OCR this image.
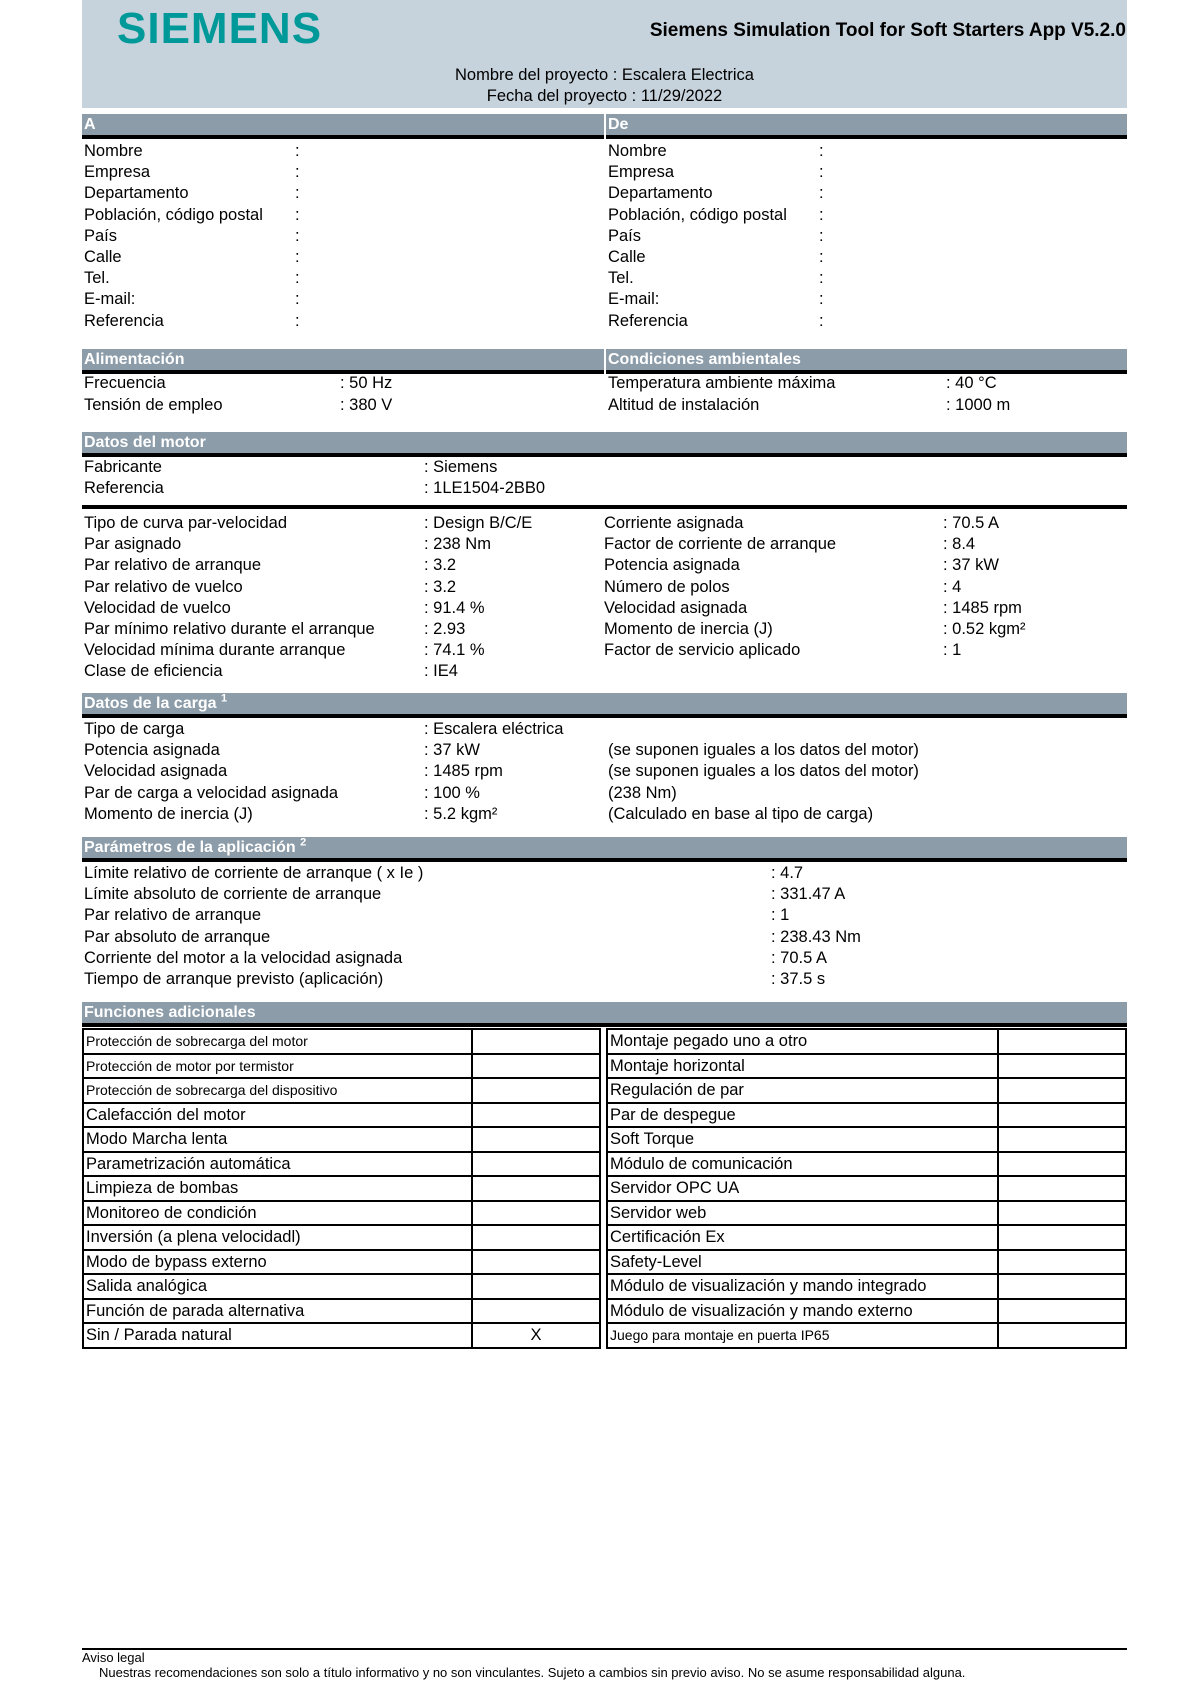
SIEMENS	Siemens Simulation Tool for Soft Starters App V5.2.0
Nombre del proyecto : Escalera Electrica
Fecha del proyecto : 11/29/2022
A	De
Nombre	:
Empresa	:
Departamento	:
Población, código postal :
País	:
Calle	:
Tel.	:
E-mail:	:
Referencia	:
Nombre	:
Empresa	:
Departamento	:
Población, código postal :
País	:
Calle	:
Tel.	:
E-mail:	:
Referencia	:
Alimentación	Condiciones ambientales
Frecuencia	: 50 Hz
Tensión de empleo	: 380 V
Temperatura ambiente máxima	: 40 °C
Altitud de instalación	: 1000 m
Datos del motor
Fabricante	: Siemens
Referencia	: 1LE1504-2BB0
Tipo de curva par-velocidad	: Design B/C/E
Par asignado	: 238 Nm
Par relativo de arranque	: 3.2
Par relativo de vuelco	: 3.2
Velocidad de vuelco	: 91.4 %
Par mínimo relativo durante el arranque	: 2.93
Velocidad mínima durante arranque	: 74.1 %
Clase de eficiencia	: IE4
Corriente asignada	: 70.5 A
Factor de corriente de arranque	: 8.4
Potencia asignada	: 37 kW
Número de polos	: 4
Velocidad asignada	: 1485 rpm
Momento de inercia (J)	: 0.52 kgm²
Factor de servicio aplicado	: 1
Datos de la carga $^1$
Tipo de carga	: Escalera eléctrica
Potencia asignada	: 37 kW	(se suponen iguales a los datos del motor)
Velocidad asignada	: 1485 rpm	(se suponen iguales a los datos del motor)
Par de carga a velocidad asignada	: 100 %	(238 Nm)
Momento de inercia (J)	: 5.2 kgm²	(Calculado en base al tipo de carga)
Parámetros de la aplicación $^2$
Límite relativo de corriente de arranque ( x Ie )	: 4.7
Límite absoluto de corriente de arranque	: 331.47 A
Par relativo de arranque	: 1
Par absoluto de arranque	: 238.43 Nm
Corriente del motor a la velocidad asignada	: 70.5 A
Tiempo de arranque previsto (aplicación)	: 37.5 s
Funciones adicionales
Protección de sobrecarga del motor	
Protección de motor por termistor	
Protección de sobrecarga del dispositivo	
Calefacción del motor	
Modo Marcha lenta	
Parametrización automática	
Limpieza de bombas	
Monitoreo de condición	
Inversión (a plena velocidadl)	
Modo de bypass externo	
Salida analógica	
Función de parada alternativa	
Sin / Parada natural	X
Montaje pegado uno a otro	
Montaje horizontal	
Regulación de par	
Par de despegue	
Soft Torque	
Módulo de comunicación	
Servidor OPC UA	
Servidor web	
Certificación Ex	
Safety-Level	
Módulo de visualización y mando integrado	
Módulo de visualización y mando externo	
Juego para montaje en puerta IP65	
Aviso legal
Nuestras recomendaciones son solo a título informativo y no son vinculantes. Sujeto a cambios sin previo aviso. No se asume responsabilidad alguna.
